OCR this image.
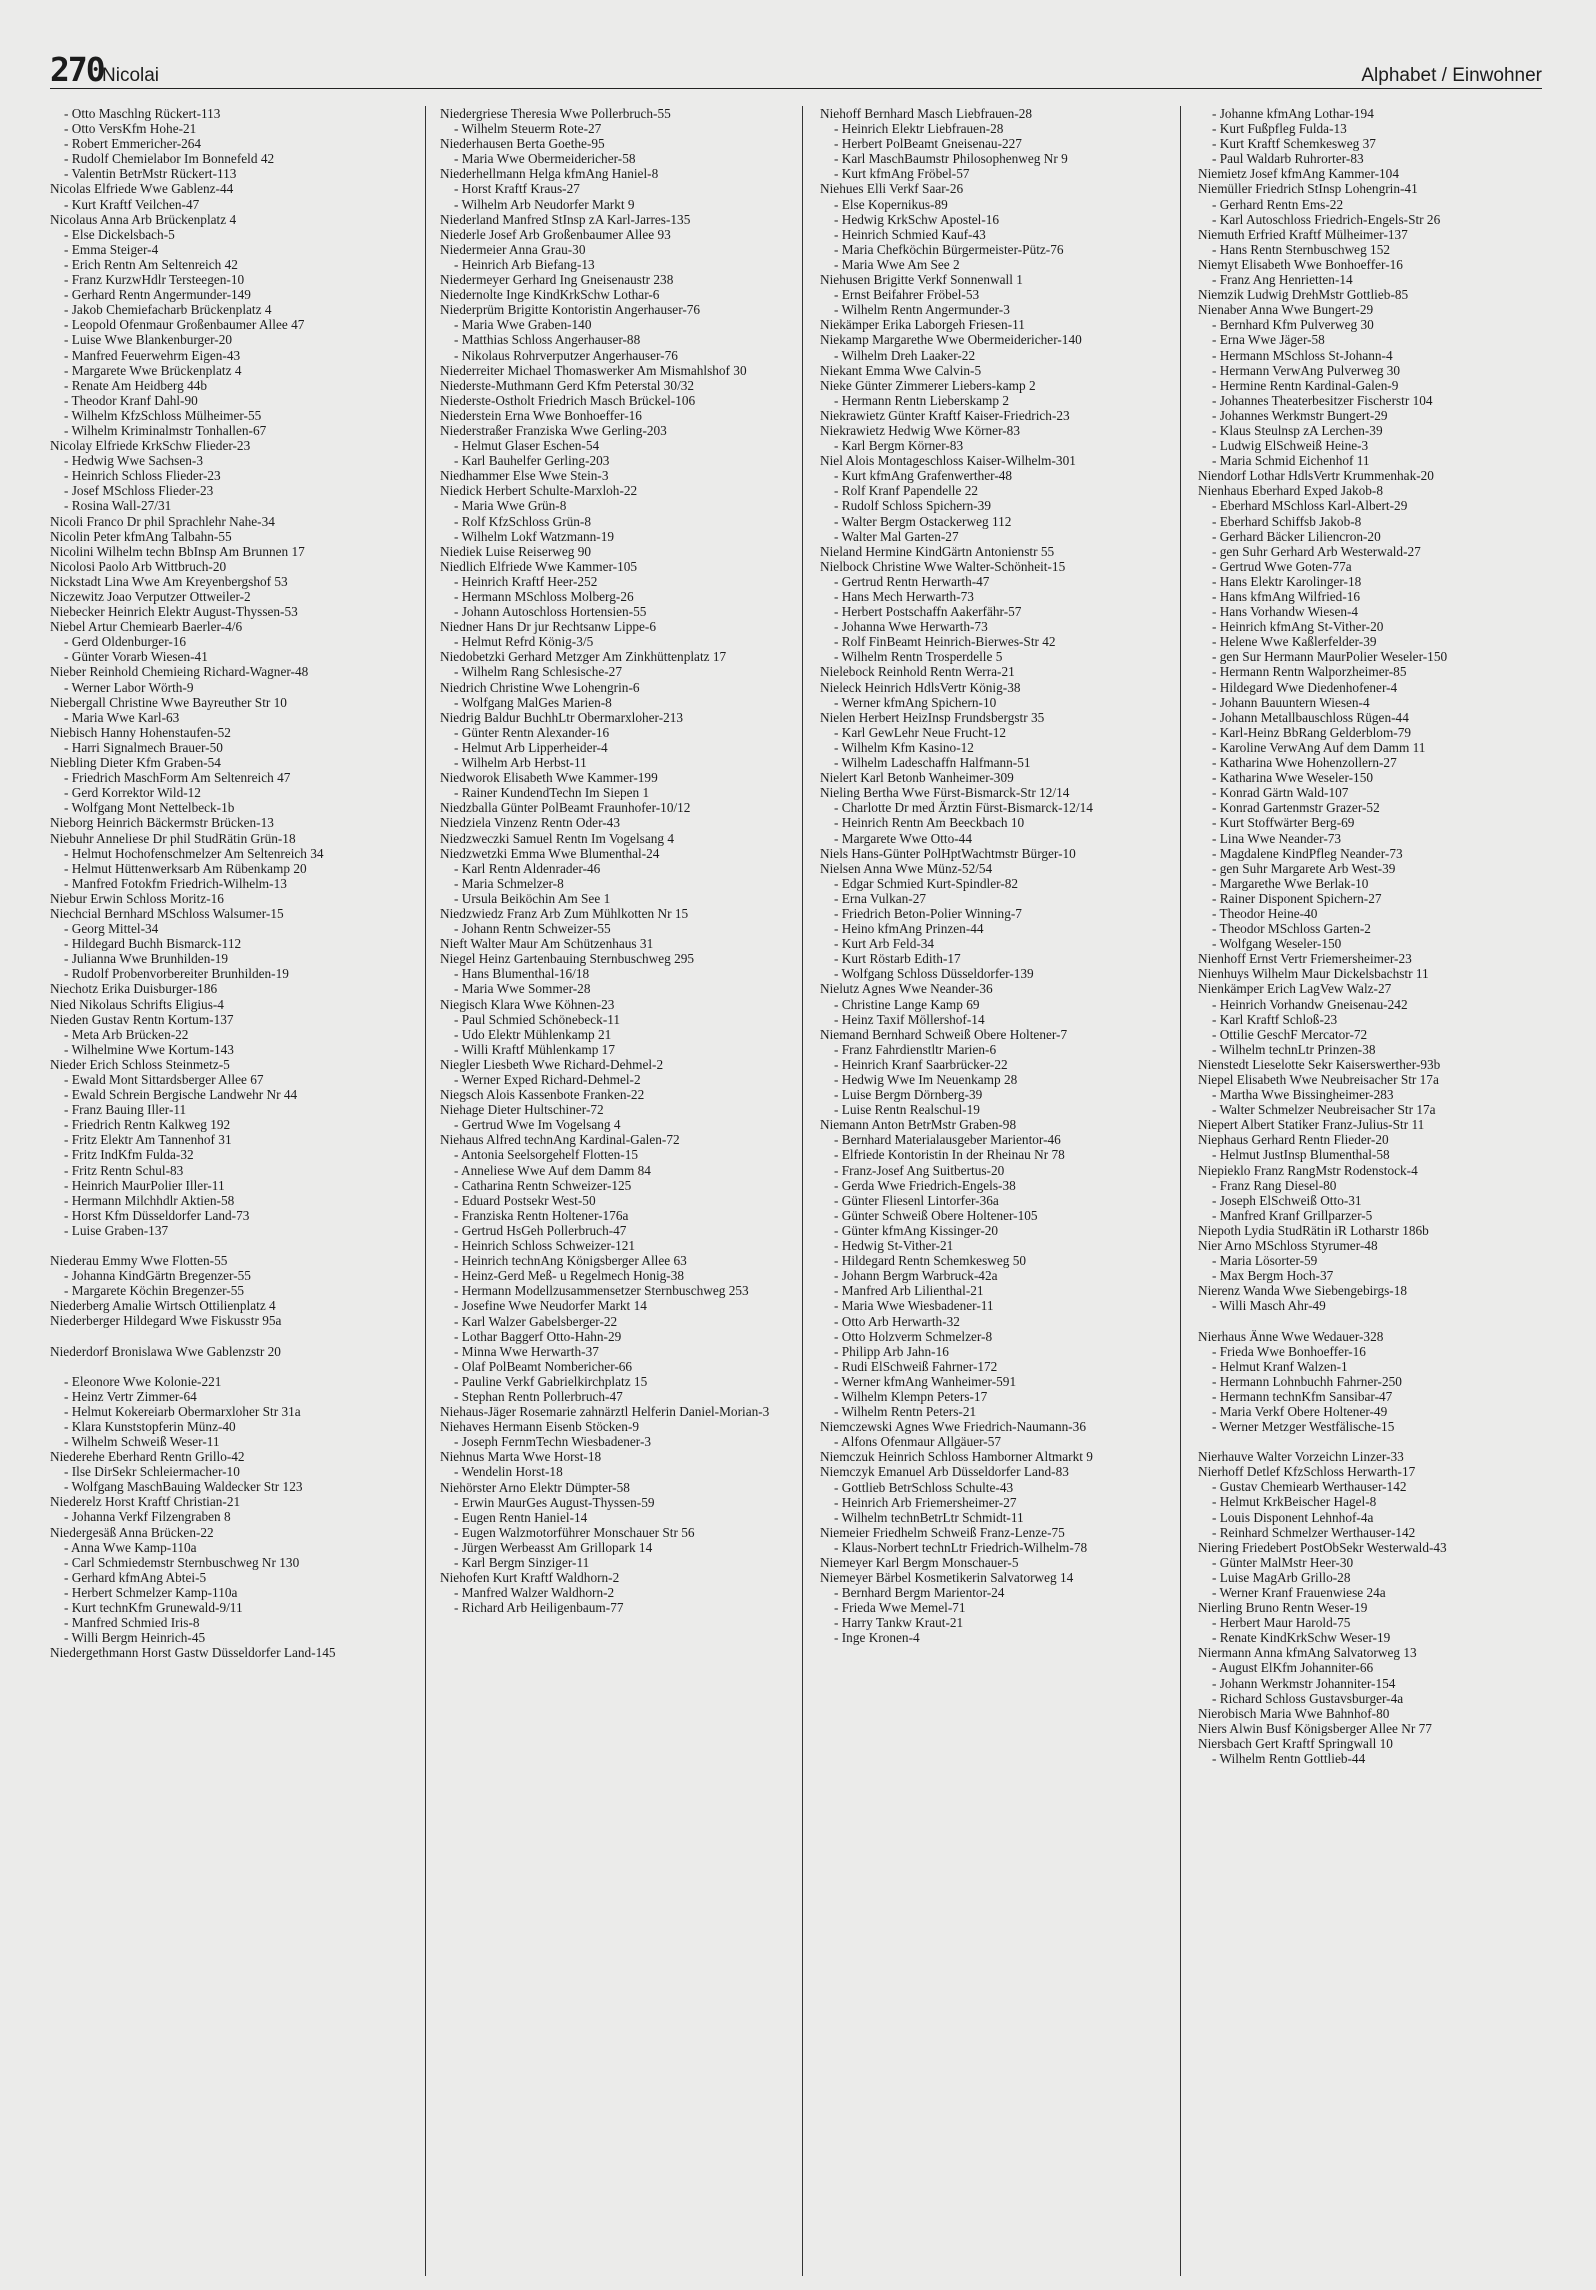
270
Nicolai	Alphabet / Einwohner
- Otto Maschlng Rückert-113
- Otto VersKfm Hohe-21
- Robert Emmericher-264
- Rudolf Chemielabor Im Bonnefeld 42
- Valentin BetrMstr Rückert-113
Nicolas Elfriede Wwe Gablenz-44
- Kurt Kraftf Veilchen-47
Nicolaus Anna Arb Brückenplatz 4
- Else Dickelsbach-5
- Emma Steiger-4
- Erich Rentn Am Seltenreich 42
- Franz KurzwHdlr Tersteegen-10
- Gerhard Rentn Angermunder-149
- Jakob Chemiefacharb Brückenplatz 4
- Leopold Ofenmaur Großenbaumer Allee 47
- Luise Wwe Blankenburger-20
- Manfred Feuerwehrm Eigen-43
- Margarete Wwe Brückenplatz 4
- Renate Am Heidberg 44b
- Theodor Kranf Dahl-90
- Wilhelm KfzSchloss Mülheimer-55
- Wilhelm Kriminalmstr Tonhallen-67
Nicolay Elfriede KrkSchw Flieder-23
- Hedwig Wwe Sachsen-3
- Heinrich Schloss Flieder-23
- Josef MSchloss Flieder-23
- Rosina Wall-27/31
Nicoli Franco Dr phil Sprachlehr Nahe-34
Nicolin Peter kfmAng Talbahn-55
Nicolini Wilhelm techn BbInsp Am Brunnen 17
Nicolosi Paolo Arb Wittbruch-20
Nickstadt Lina Wwe Am Kreyenbergshof 53
Niczewitz Joao Verputzer Ottweiler-2
Niebecker Heinrich Elektr August-Thyssen-53
Niebel Artur Chemiearb Baerler-4/6
- Gerd Oldenburger-16
- Günter Vorarb Wiesen-41
Nieber Reinhold Chemieing Richard-Wagner-48
- Werner Labor Wörth-9
Niebergall Christine Wwe Bayreuther Str 10
- Maria Wwe Karl-63
Niebisch Hanny Hohenstaufen-52
- Harri Signalmech Brauer-50
Niebling Dieter Kfm Graben-54
- Friedrich MaschForm Am Seltenreich 47
- Gerd Korrektor Wild-12
- Wolfgang Mont Nettelbeck-1b
Nieborg Heinrich Bäckermstr Brücken-13
Niebuhr Anneliese Dr phil StudRätin Grün-18
- Helmut Hochofenschmelzer Am Seltenreich 34
- Helmut Hüttenwerksarb Am Rübenkamp 20
- Manfred Fotokfm Friedrich-Wilhelm-13
Niebur Erwin Schloss Moritz-16
Niechcial Bernhard MSchloss Walsumer-15
- Georg Mittel-34
- Hildegard Buchh Bismarck-112
- Julianna Wwe Brunhilden-19
- Rudolf Probenvorbereiter Brunhilden-19
Niechotz Erika Duisburger-186
Nied Nikolaus Schrifts Eligius-4
Nieden Gustav Rentn Kortum-137
- Meta Arb Brücken-22
- Wilhelmine Wwe Kortum-143
Nieder Erich Schloss Steinmetz-5
- Ewald Mont Sittardsberger Allee 67
- Ewald Schrein Bergische Landwehr Nr 44
- Franz Bauing Iller-11
- Friedrich Rentn Kalkweg 192
- Fritz Elektr Am Tannenhof 31
- Fritz IndKfm Fulda-32
- Fritz Rentn Schul-83
- Heinrich MaurPolier Iller-11
- Hermann Milchhdlr Aktien-58
- Horst Kfm Düsseldorfer Land-73
- Luise Graben-137
Niederau Emmy Wwe Flotten-55
- Johanna KindGärtn Bregenzer-55
- Margarete Köchin Bregenzer-55
Niederberg Amalie Wirtsch Ottilienplatz 4
Niederberger Hildegard Wwe Fiskusstr 95a
Niederdorf Bronislawa Wwe Gablenzstr 20
- Eleonore Wwe Kolonie-221
- Heinz Vertr Zimmer-64
- Helmut Kokereiarb Obermarxloher Str 31a
- Klara Kunststopferin Münz-40
- Wilhelm Schweiß Weser-11
Niederehe Eberhard Rentn Grillo-42
- Ilse DirSekr Schleiermacher-10
- Wolfgang MaschBauing Waldecker Str 123
Niederelz Horst Kraftf Christian-21
- Johanna Verkf Filzengraben 8
Niedergesäß Anna Brücken-22
- Anna Wwe Kamp-110a
- Carl Schmiedemstr Sternbuschweg Nr 130
- Gerhard kfmAng Abtei-5
- Herbert Schmelzer Kamp-110a
- Kurt technKfm Grunewald-9/11
- Manfred Schmied Iris-8
- Willi Bergm Heinrich-45
Niedergethmann Horst Gastw Düsseldorfer Land-145
Niedergriese Theresia Wwe Pollerbruch-55
- Wilhelm Steuerm Rote-27
Niederhausen Berta Goethe-95
- Maria Wwe Obermeidericher-58
Niederhellmann Helga kfmAng Haniel-8
- Horst Kraftf Kraus-27
- Wilhelm Arb Neudorfer Markt 9
Niederland Manfred StInsp zA Karl-Jarres-135
Niederle Josef Arb Großenbaumer Allee 93
Niedermeier Anna Grau-30
- Heinrich Arb Biefang-13
Niedermeyer Gerhard Ing Gneisenaustr 238
Niedernolte Inge KindKrkSchw Lothar-6
Niederprüm Brigitte Kontoristin Angerhauser-76
- Maria Wwe Graben-140
- Matthias Schloss Angerhauser-88
- Nikolaus Rohrverputzer Angerhauser-76
Niederreiter Michael Thomaswerker Am Mismahlshof 30
Niederste-Muthmann Gerd Kfm Peterstal 30/32
Niederste-Ostholt Friedrich Masch Brückel-106
Niederstein Erna Wwe Bonhoeffer-16
Niederstraßer Franziska Wwe Gerling-203
- Helmut Glaser Eschen-54
- Karl Bauhelfer Gerling-203
Niedhammer Else Wwe Stein-3
Niedick Herbert Schulte-Marxloh-22
- Maria Wwe Grün-8
- Rolf KfzSchloss Grün-8
- Wilhelm Lokf Watzmann-19
Niediek Luise Reiserweg 90
Niedlich Elfriede Wwe Kammer-105
- Heinrich Kraftf Heer-252
- Hermann MSchloss Molberg-26
- Johann Autoschloss Hortensien-55
Niedner Hans Dr jur Rechtsanw Lippe-6
- Helmut Refrd König-3/5
Niedobetzki Gerhard Metzger Am Zinkhüttenplatz 17
- Wilhelm Rang Schlesische-27
Niedrich Christine Wwe Lohengrin-6
- Wolfgang MalGes Marien-8
Niedrig Baldur BuchhLtr Obermarxloher-213
- Günter Rentn Alexander-16
- Helmut Arb Lipperheider-4
- Wilhelm Arb Herbst-11
Niedworok Elisabeth Wwe Kammer-199
- Rainer KundendTechn Im Siepen 1
Niedzballa Günter PolBeamt Fraunhofer-10/12
Niedziela Vinzenz Rentn Oder-43
Niedzweczki Samuel Rentn Im Vogelsang 4
Niedzwetzki Emma Wwe Blumenthal-24
- Karl Rentn Aldenrader-46
- Maria Schmelzer-8
- Ursula Beiköchin Am See 1
Niedzwiedz Franz Arb Zum Mühlkotten Nr 15
- Johann Rentn Schweizer-55
Nieft Walter Maur Am Schützenhaus 31
Niegel Heinz Gartenbauing Sternbuschweg 295
- Hans Blumenthal-16/18
- Maria Wwe Sommer-28
Niegisch Klara Wwe Köhnen-23
- Paul Schmied Schönebeck-11
- Udo Elektr Mühlenkamp 21
- Willi Kraftf Mühlenkamp 17
Niegler Liesbeth Wwe Richard-Dehmel-2
- Werner Exped Richard-Dehmel-2
Niegsch Alois Kassenbote Franken-22
Niehage Dieter Hultschiner-72
- Gertrud Wwe Im Vogelsang 4
Niehaus Alfred technAng Kardinal-Galen-72
- Antonia Seelsorgehelf Flotten-15
- Anneliese Wwe Auf dem Damm 84
- Catharina Rentn Schweizer-125
- Eduard Postsekr West-50
- Franziska Rentn Holtener-176a
- Gertrud HsGeh Pollerbruch-47
- Heinrich Schloss Schweizer-121
- Heinrich technAng Königsberger Allee 63
- Heinz-Gerd Meß- u Regelmech Honig-38
- Hermann Modellzusammensetzer Sternbuschweg 253
- Josefine Wwe Neudorfer Markt 14
- Karl Walzer Gabelsberger-22
- Lothar Baggerf Otto-Hahn-29
- Minna Wwe Herwarth-37
- Olaf PolBeamt Nombericher-66
- Pauline Verkf Gabrielkirchplatz 15
- Stephan Rentn Pollerbruch-47
Niehaus-Jäger Rosemarie zahnärztl Helferin Daniel-Morian-3
Niehaves Hermann Eisenb Stöcken-9
- Joseph FernmTechn Wiesbadener-3
Niehnus Marta Wwe Horst-18
- Wendelin Horst-18
Niehörster Arno Elektr Dümpter-58
- Erwin MaurGes August-Thyssen-59
- Eugen Rentn Haniel-14
- Eugen Walzmotorführer Monschauer Str 56
- Jürgen Werbeasst Am Grillopark 14
- Karl Bergm Sinziger-11
Niehofen Kurt Kraftf Waldhorn-2
- Manfred Walzer Waldhorn-2
- Richard Arb Heiligenbaum-77
Niehoff Bernhard Masch Liebfrauen-28
- Heinrich Elektr Liebfrauen-28
- Herbert PolBeamt Gneisenau-227
- Karl MaschBaumstr Philosophenweg Nr 9
- Kurt kfmAng Fröbel-57
Niehues Elli Verkf Saar-26
- Else Kopernikus-89
- Hedwig KrkSchw Apostel-16
- Heinrich Schmied Kauf-43
- Maria Chefköchin Bürgermeister-Pütz-76
- Maria Wwe Am See 2
Niehusen Brigitte Verkf Sonnenwall 1
- Ernst Beifahrer Fröbel-53
- Wilhelm Rentn Angermunder-3
Niekämper Erika Laborgeh Friesen-11
Niekamp Margarethe Wwe Obermeidericher-140
- Wilhelm Dreh Laaker-22
Niekant Emma Wwe Calvin-5
Nieke Günter Zimmerer Liebers-kamp 2
- Hermann Rentn Lieberskamp 2
Niekrawietz Günter Kraftf Kaiser-Friedrich-23
Niekrawietz Hedwig Wwe Körner-83
- Karl Bergm Körner-83
Niel Alois Montageschloss Kaiser-Wilhelm-301
- Kurt kfmAng Grafenwerther-48
- Rolf Kranf Papendelle 22
- Rudolf Schloss Spichern-39
- Walter Bergm Ostackerweg 112
- Walter Mal Garten-27
Nieland Hermine KindGärtn Antonienstr 55
Nielbock Christine Wwe Walter-Schönheit-15
- Gertrud Rentn Herwarth-47
- Hans Mech Herwarth-73
- Herbert Postschaffn Aakerfähr-57
- Johanna Wwe Herwarth-73
- Rolf FinBeamt Heinrich-Bierwes-Str 42
- Wilhelm Rentn Trosperdelle 5
Nielebock Reinhold Rentn Werra-21
Nieleck Heinrich HdlsVertr König-38
- Werner kfmAng Spichern-10
Nielen Herbert HeizInsp Frundsbergstr 35
- Karl GewLehr Neue Frucht-12
- Wilhelm Kfm Kasino-12
- Wilhelm Ladeschaffn Halfmann-51
Nielert Karl Betonb Wanheimer-309
Nieling Bertha Wwe Fürst-Bismarck-Str 12/14
- Charlotte Dr med Ärztin Fürst-Bismarck-12/14
- Heinrich Rentn Am Beeckbach 10
- Margarete Wwe Otto-44
Niels Hans-Günter PolHptWachtmstr Bürger-10
Nielsen Anna Wwe Münz-52/54
- Edgar Schmied Kurt-Spindler-82
- Erna Vulkan-27
- Friedrich Beton-Polier Winning-7
- Heino kfmAng Prinzen-44
- Kurt Arb Feld-34
- Kurt Röstarb Edith-17
- Wolfgang Schloss Düsseldorfer-139
Nielutz Agnes Wwe Neander-36
- Christine Lange Kamp 69
- Heinz Taxif Möllershof-14
Niemand Bernhard Schweiß Obere Holtener-7
- Franz Fahrdienstltr Marien-6
- Heinrich Kranf Saarbrücker-22
- Hedwig Wwe Im Neuenkamp 28
- Luise Bergm Dörnberg-39
- Luise Rentn Realschul-19
Niemann Anton BetrMstr Graben-98
- Bernhard Materialausgeber Marientor-46
- Elfriede Kontoristin In der Rheinau Nr 78
- Franz-Josef Ang Suitbertus-20
- Gerda Wwe Friedrich-Engels-38
- Günter Fliesenl Lintorfer-36a
- Günter Schweiß Obere Holtener-105
- Günter kfmAng Kissinger-20
- Hedwig St-Vither-21
- Hildegard Rentn Schemkesweg 50
- Johann Bergm Warbruck-42a
- Manfred Arb Lilienthal-21
- Maria Wwe Wiesbadener-11
- Otto Arb Herwarth-32
- Otto Holzverm Schmelzer-8
- Philipp Arb Jahn-16
- Rudi ElSchweiß Fahrner-172
- Werner kfmAng Wanheimer-591
- Wilhelm Klempn Peters-17
- Wilhelm Rentn Peters-21
Niemczewski Agnes Wwe Friedrich-Naumann-36
- Alfons Ofenmaur Allgäuer-57
Niemczuk Heinrich Schloss Hamborner Altmarkt 9
Niemczyk Emanuel Arb Düsseldorfer Land-83
- Gottlieb BetrSchloss Schulte-43
- Heinrich Arb Friemersheimer-27
- Wilhelm technBetrLtr Schmidt-11
Niemeier Friedhelm Schweiß Franz-Lenze-75
- Klaus-Norbert technLtr Friedrich-Wilhelm-78
Niemeyer Karl Bergm Monschauer-5
Niemeyer Bärbel Kosmetikerin Salvatorweg 14
- Bernhard Bergm Marientor-24
- Frieda Wwe Memel-71
- Harry Tankw Kraut-21
- Inge Kronen-4
- Johanne kfmAng Lothar-194
- Kurt Fußpfleg Fulda-13
- Kurt Kraftf Schemkesweg 37
- Paul Waldarb Ruhrorter-83
Niemietz Josef kfmAng Kammer-104
Niemüller Friedrich StInsp Lohengrin-41
- Gerhard Rentn Ems-22
- Karl Autoschloss Friedrich-Engels-Str 26
Niemuth Erfried Kraftf Mülheimer-137
- Hans Rentn Sternbuschweg 152
Niemyt Elisabeth Wwe Bonhoeffer-16
- Franz Ang Henrietten-14
Niemzik Ludwig DrehMstr Gottlieb-85
Nienaber Anna Wwe Bungert-29
- Bernhard Kfm Pulverweg 30
- Erna Wwe Jäger-58
- Hermann MSchloss St-Johann-4
- Hermann VerwAng Pulverweg 30
- Hermine Rentn Kardinal-Galen-9
- Johannes Theaterbesitzer Fischerstr 104
- Johannes Werkmstr Bungert-29
- Klaus Steulnsp zA Lerchen-39
- Ludwig ElSchweiß Heine-3
- Maria Schmid Eichenhof 11
Niendorf Lothar HdlsVertr Krummenhak-20
Nienhaus Eberhard Exped Jakob-8
- Eberhard MSchloss Karl-Albert-29
- Eberhard Schiffsb Jakob-8
- Gerhard Bäcker Liliencron-20
- gen Suhr Gerhard Arb Westerwald-27
- Gertrud Wwe Goten-77a
- Hans Elektr Karolinger-18
- Hans kfmAng Wilfried-16
- Hans Vorhandw Wiesen-4
- Heinrich kfmAng St-Vither-20
- Helene Wwe Kaßlerfelder-39
- gen Sur Hermann MaurPolier Weseler-150
- Hermann Rentn Walporzheimer-85
- Hildegard Wwe Diedenhofener-4
- Johann Bauuntern Wiesen-4
- Johann Metallbauschloss Rügen-44
- Karl-Heinz BbRang Gelderblom-79
- Karoline VerwAng Auf dem Damm 11
- Katharina Wwe Hohenzollern-27
- Katharina Wwe Weseler-150
- Konrad Gärtn Wald-107
- Konrad Gartenmstr Grazer-52
- Kurt Stoffwärter Berg-69
- Lina Wwe Neander-73
- Magdalene KindPfleg Neander-73
- gen Suhr Margarete Arb West-39
- Margarethe Wwe Berlak-10
- Rainer Disponent Spichern-27
- Theodor Heine-40
- Theodor MSchloss Garten-2
- Wolfgang Weseler-150
Nienhoff Ernst Vertr Friemersheimer-23
Nienhuys Wilhelm Maur Dickelsbachstr 11
Nienkämper Erich LagVew Walz-27
- Heinrich Vorhandw Gneisenau-242
- Karl Kraftf Schloß-23
- Ottilie GeschF Mercator-72
- Wilhelm technLtr Prinzen-38
Nienstedt Lieselotte Sekr Kaiserswerther-93b
Niepel Elisabeth Wwe Neubreisacher Str 17a
- Martha Wwe Bissingheimer-283
- Walter Schmelzer Neubreisacher Str 17a
Niepert Albert Statiker Franz-Julius-Str 11
Niephaus Gerhard Rentn Flieder-20
- Helmut JustInsp Blumenthal-58
Niepieklo Franz RangMstr Rodenstock-4
- Franz Rang Diesel-80
- Joseph ElSchweiß Otto-31
- Manfred Kranf Grillparzer-5
Niepoth Lydia StudRätin iR Lotharstr 186b
Nier Arno MSchloss Styrumer-48
- Maria Lösorter-59
- Max Bergm Hoch-37
Nierenz Wanda Wwe Siebengebirgs-18
- Willi Masch Ahr-49
Nierhaus Änne Wwe Wedauer-328
- Frieda Wwe Bonhoeffer-16
- Helmut Kranf Walzen-1
- Hermann Lohnbuchh Fahrner-250
- Hermann technKfm Sansibar-47
- Maria Verkf Obere Holtener-49
- Werner Metzger Westfälische-15
Nierhauve Walter Vorzeichn Linzer-33
Nierhoff Detlef KfzSchloss Herwarth-17
- Gustav Chemiearb Werthauser-142
- Helmut KrkBeischer Hagel-8
- Louis Disponent Lehnhof-4a
- Reinhard Schmelzer Werthauser-142
Niering Friedebert PostObSekr Westerwald-43
- Günter MalMstr Heer-30
- Luise MagArb Grillo-28
- Werner Kranf Frauenwiese 24a
Nierling Bruno Rentn Weser-19
- Herbert Maur Harold-75
- Renate KindKrkSchw Weser-19
Niermann Anna kfmAng Salvatorweg 13
- August ElKfm Johanniter-66
- Johann Werkmstr Johanniter-154
- Richard Schloss Gustavsburger-4a
Nierobisch Maria Wwe Bahnhof-80
Niers Alwin Busf Königsberger Allee Nr 77
Niersbach Gert Kraftf Springwall 10
- Wilhelm Rentn Gottlieb-44
